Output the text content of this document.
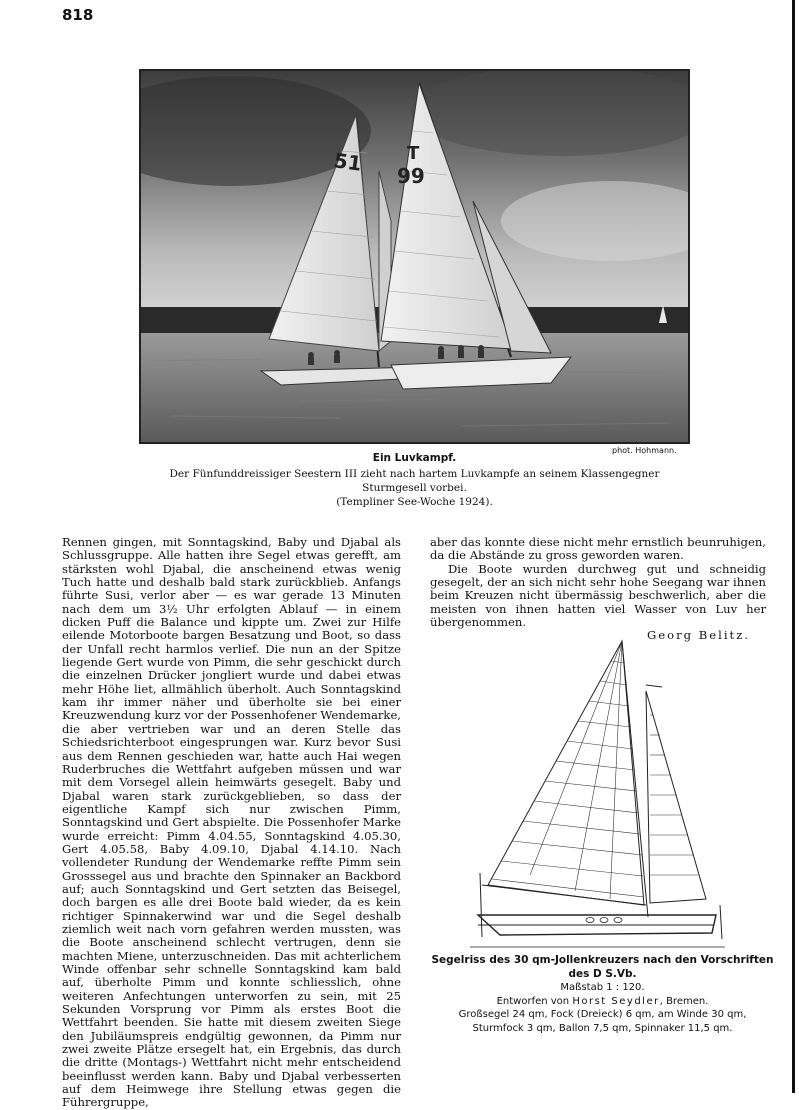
818
51 T
99
phot. Hohmann.
Ein Luvkampf.
Der Fünfunddreissiger Seestern III zieht nach hartem Luvkampfe an seinem Klassengegner Sturmgesell vorbei.
(Templiner See-Woche 1924).

Rennen gingen, mit Sonntagskind, Baby und Djabal als Schlussgruppe. Alle hatten ihre Segel etwas gerefft, am stärksten wohl Djabal, die anscheinend etwas wenig Tuch hatte und deshalb bald stark zurückblieb. Anfangs führte Susi, verlor aber — es war gerade 13 Minuten nach dem um 3½ Uhr erfolgten Ablauf — in einem dicken Puff die Balance und kippte um. Zwei zur Hilfe eilende Motorboote bargen Besatzung und Boot, so dass der Unfall recht harmlos verlief. Die nun an der Spitze liegende Gert wurde von Pimm, die sehr geschickt durch die einzelnen Drücker jongliert wurde und dabei etwas mehr Höhe liet, allmählich überholt. Auch Sonntagskind kam ihr immer näher und überholte sie bei einer Kreuzwendung kurz vor der Possenhofener Wendemarke, die aber vertrieben war und an deren Stelle das Schiedsrichterboot eingesprungen war. Kurz bevor Susi aus dem Rennen geschieden war, hatte auch Hai wegen Ruderbruches die Wettfahrt aufgeben müssen und war mit dem Vorsegel allein heimwärts gesegelt. Baby und Djabal waren stark zurückgeblieben, so dass der eigentliche Kampf sich nur zwischen Pimm, Sonntagskind und Gert abspielte. Die Possenhofer Marke wurde erreicht: Pimm 4.04.55, Sonntagskind 4.05.30, Gert 4.05.58, Baby 4.09.10, Djabal 4.14.10. Nach vollendeter Rundung der Wendemarke reffte Pimm sein Grosssegel aus und brachte den Spinnaker an Backbord auf; auch Sonntagskind und Gert setzten das Beisegel, doch bargen es alle drei Boote bald wieder, da es kein richtiger Spinnakerwind war und die Segel deshalb ziemlich weit nach vorn gefahren werden mussten, was die Boote anscheinend schlecht vertrugen, denn sie machten Miene, unterzuschneiden. Das mit achterlichem Winde offenbar sehr schnelle Sonntagskind kam bald auf, überholte Pimm und konnte schliesslich, ohne weiteren Anfechtungen unterworfen zu sein, mit 25 Sekunden Vorsprung vor Pimm als erstes Boot die Wettfahrt beenden. Sie hatte mit diesem zweiten Siege den Jubiläumspreis endgültig gewonnen, da Pimm nur zwei zweite Plätze ersegelt hat, ein Ergebnis, das durch die dritte (Montags-) Wettfahrt nicht mehr entscheidend beeinflusst werden kann. Baby und Djabal verbesserten auf dem Heimwege ihre Stellung etwas gegen die Führergruppe,

aber das konnte diese nicht mehr ernstlich beunruhigen, da die Abstände zu gross geworden waren.

Die Boote wurden durchweg gut und schneidig gesegelt, der an sich nicht sehr hohe Seegang war ihnen beim Kreuzen nicht übermässig beschwerlich, aber die meisten von ihnen hatten viel Wasser von Luv her übergenommen.

Georg Belitz.

Segelriss des 30 qm-Jollenkreuzers nach den Vorschriften des D S.Vb.
Maßstab 1 : 120.
Entworfen von Horst Seydler, Bremen.
Großsegel 24 qm, Fock (Dreieck) 6 qm, am Winde 30 qm,
Sturmfock 3 qm, Ballon 7,5 qm, Spinnaker 11,5 qm.
